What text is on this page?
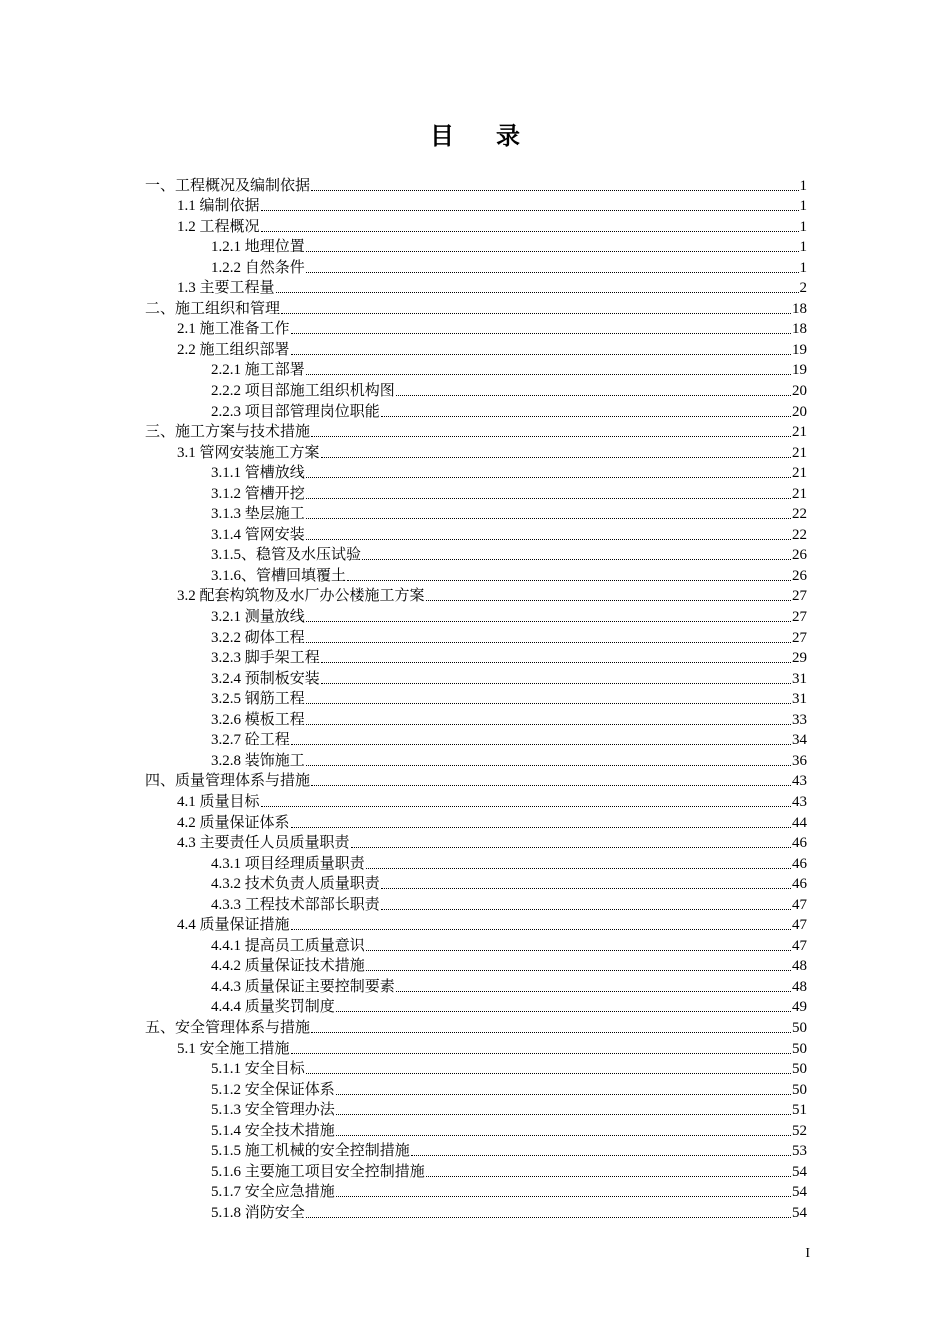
目 录
一、工程概况及编制依据	1
1.1 编制依据	1
1.2 工程概况	1
1.2.1 地理位置	1
1.2.2 自然条件	1
1.3 主要工程量	2
二、施工组织和管理	18
2.1 施工准备工作	18
2.2 施工组织部署	19
2.2.1 施工部署	19
2.2.2 项目部施工组织机构图	20
2.2.3 项目部管理岗位职能	20
三、施工方案与技术措施	21
3.1 管网安装施工方案	21
3.1.1 管槽放线	21
3.1.2 管槽开挖	21
3.1.3 垫层施工	22
3.1.4 管网安装	22
3.1.5、稳管及水压试验	26
3.1.6、管槽回填覆土	26
3.2 配套构筑物及水厂办公楼施工方案	27
3.2.1 测量放线	27
3.2.2 砌体工程	27
3.2.3 脚手架工程	29
3.2.4 预制板安装	31
3.2.5 钢筋工程	31
3.2.6 模板工程	33
3.2.7 砼工程	34
3.2.8 装饰施工	36
四、质量管理体系与措施	43
4.1 质量目标	43
4.2 质量保证体系	44
4.3 主要责任人员质量职责	46
4.3.1 项目经理质量职责	46
4.3.2 技术负责人质量职责	46
4.3.3 工程技术部部长职责	47
4.4 质量保证措施	47
4.4.1 提高员工质量意识	47
4.4.2 质量保证技术措施	48
4.4.3 质量保证主要控制要素	48
4.4.4 质量奖罚制度	49
五、安全管理体系与措施	50
5.1 安全施工措施	50
5.1.1 安全目标	50
5.1.2 安全保证体系	50
5.1.3 安全管理办法	51
5.1.4 安全技术措施	52
5.1.5 施工机械的安全控制措施	53
5.1.6 主要施工项目安全控制措施	54
5.1.7 安全应急措施	54
5.1.8 消防安全	54
I
